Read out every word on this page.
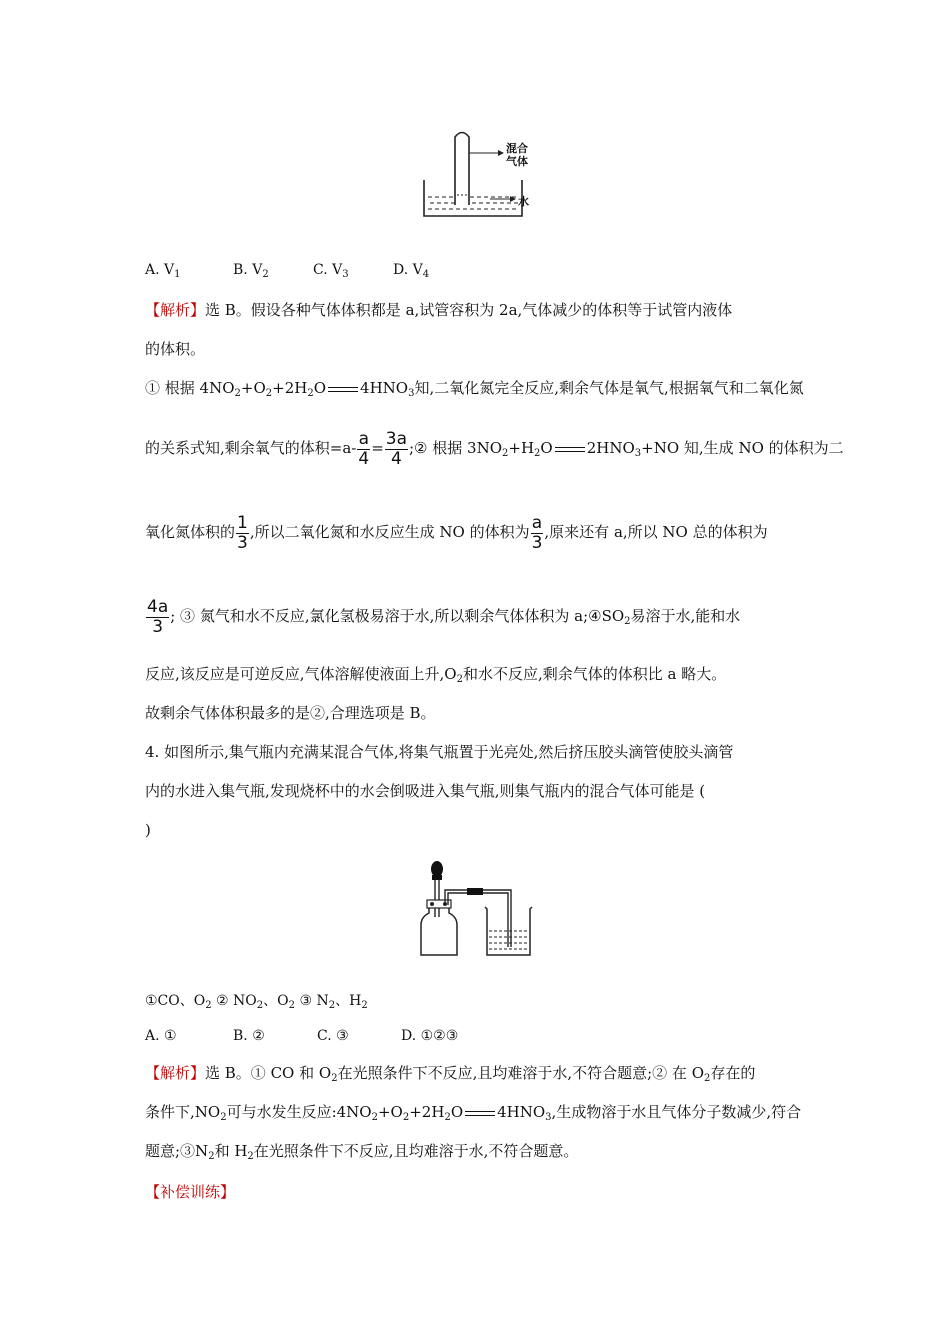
混合
气体
水
A. $V_1$	B. $V_2$	C. $V_3$	D. $V_4$
【解析】选 B。假设各种气体体积都是 a,试管容积为 2a,气体减少的体积等于试管内液体
的体积。
① 根据 $4NO_2+O_2+2H_2O$ $4HNO_3$知,二氧化氮完全反应,剩余气体是氧气,根据氧气和二氧化氮
的关系式知,剩余氧气的体积$=a- \frac{a}{4} = \frac{3a}{4}$ ;② 根据 $3NO_2+H_2O$ $2HNO_3+NO$ 知,生成 NO 的体积为二
氧化氮体积的 $\frac{1}{3}$ ,所以二氧化氮和水反应生成 NO 的体积为 $\frac{a}{3}$ ,原来还有 a,所以 NO 总的体积为
$\frac{4a}{3}$ ; ③ 氮气和水不反应,氯化氢极易溶于水,所以剩余气体体积为 $a;④SO_2$易溶于水,能和水
反应,该反应是可逆反应,气体溶解使液面上升$,O_2$和水不反应,剩余气体的体积比 a 略大。
故剩余气体体积最多的是②,合理选项是 B。
4. 如图所示,集气瓶内充满某混合气体,将集气瓶置于光亮处,然后挤压胶头滴管使胶头滴管
内的水进入集气瓶,发现烧杯中的水会倒吸进入集气瓶,则集气瓶内的混合气体可能是 (
)
①CO、$O_2$ ② $NO_2$、$O_2$ ③ $N_2$、$H_2$
A. ①	B. ②	C. ③	D. ①②③
【解析】选 B。① CO 和 $O_2$在光照条件下不反应,且均难溶于水,不符合题意;② 在 $O_2$存在的
条件下$,NO_2$可与水发生反应$:4NO_2+O_2+2H_2O$ $4HNO_3$,生成物溶于水且气体分子数减少,符合
题意$;③N_2$和 $H_2$在光照条件下不反应,且均难溶于水,不符合题意。
【补偿训练】
